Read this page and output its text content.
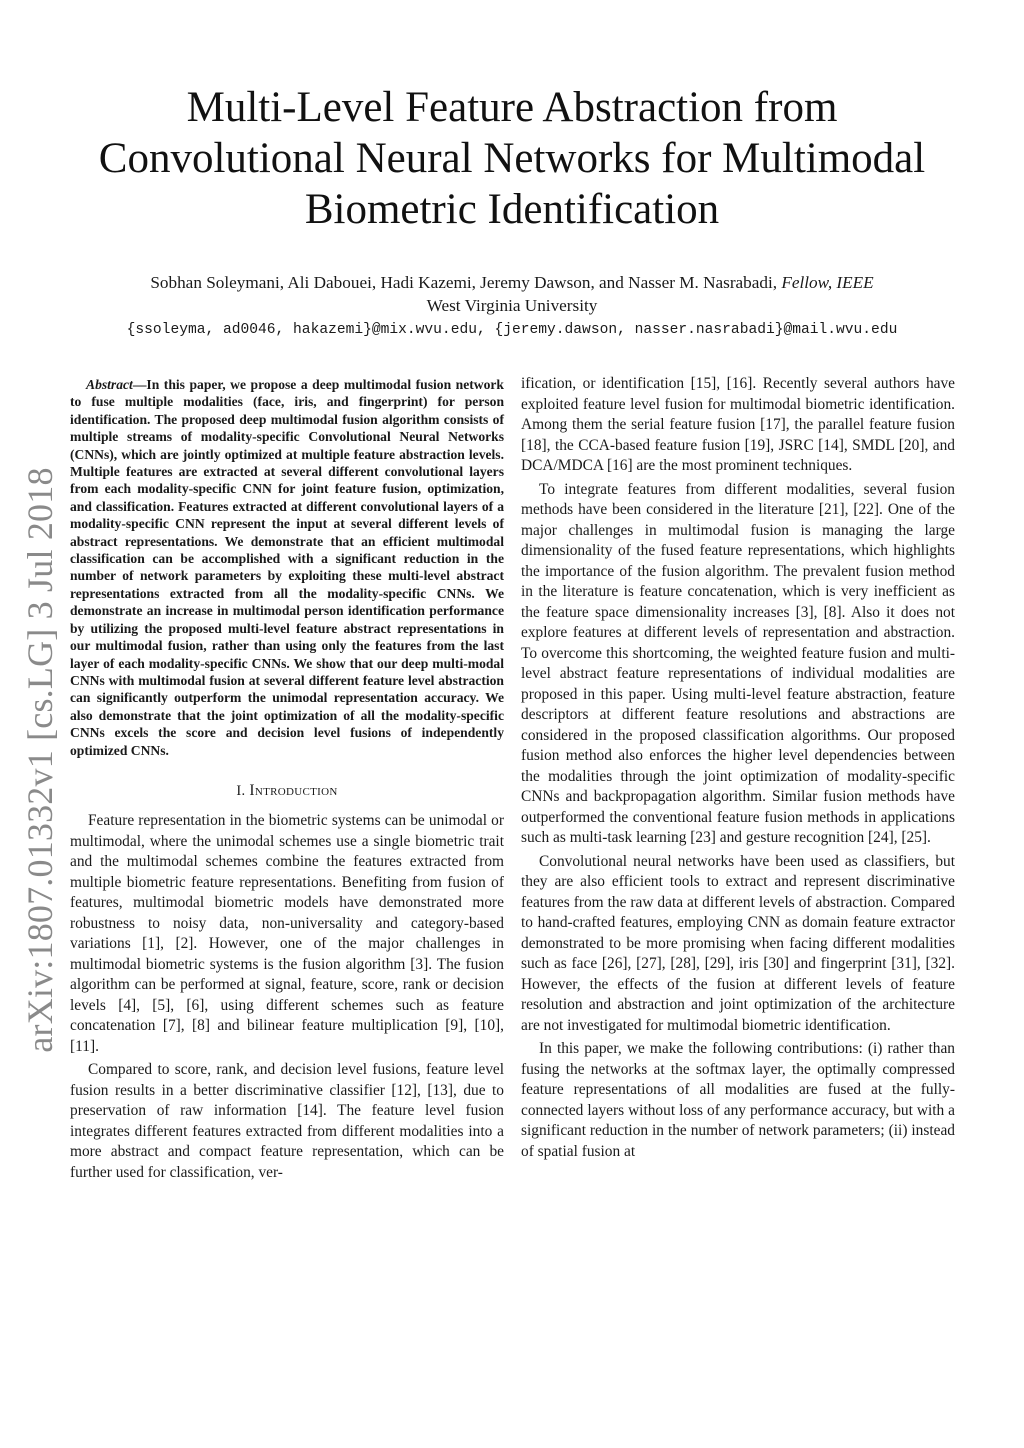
arXiv:1807.01332v1 [cs.LG] 3 Jul 2018
Multi-Level Feature Abstraction from Convolutional Neural Networks for Multimodal Biometric Identification
Sobhan Soleymani, Ali Dabouei, Hadi Kazemi, Jeremy Dawson, and Nasser M. Nasrabadi, Fellow, IEEE
West Virginia University
{ssoleyma, ad0046, hakazemi}@mix.wvu.edu, {jeremy.dawson, nasser.nasrabadi}@mail.wvu.edu

Abstract—In this paper, we propose a deep multimodal fusion network to fuse multiple modalities (face, iris, and fingerprint) for person identification. The proposed deep multimodal fusion algorithm consists of multiple streams of modality-specific Convolutional Neural Networks (CNNs), which are jointly optimized at multiple feature abstraction levels. Multiple features are extracted at several different convolutional layers from each modality-specific CNN for joint feature fusion, optimization, and classification. Features extracted at different convolutional layers of a modality-specific CNN represent the input at several different levels of abstract representations. We demonstrate that an efficient multimodal classification can be accomplished with a significant reduction in the number of network parameters by exploiting these multi-level abstract representations extracted from all the modality-specific CNNs. We demonstrate an increase in multimodal person identification performance by utilizing the proposed multi-level feature abstract representations in our multimodal fusion, rather than using only the features from the last layer of each modality-specific CNNs. We show that our deep multi-modal CNNs with multimodal fusion at several different feature level abstraction can significantly outperform the unimodal representation accuracy. We also demonstrate that the joint optimization of all the modality-specific CNNs excels the score and decision level fusions of independently optimized CNNs.

I. Introduction

Feature representation in the biometric systems can be unimodal or multimodal, where the unimodal schemes use a single biometric trait and the multimodal schemes combine the features extracted from multiple biometric feature representations. Benefiting from fusion of features, multimodal biometric models have demonstrated more robustness to noisy data, non-universality and category-based variations [1], [2]. However, one of the major challenges in multimodal biometric systems is the fusion algorithm [3]. The fusion algorithm can be performed at signal, feature, score, rank or decision levels [4], [5], [6], using different schemes such as feature concatenation [7], [8] and bilinear feature multiplication [9], [10], [11].

Compared to score, rank, and decision level fusions, feature level fusion results in a better discriminative classifier [12], [13], due to preservation of raw information [14]. The feature level fusion integrates different features extracted from different modalities into a more abstract and compact feature representation, which can be further used for classification, ver-

ification, or identification [15], [16]. Recently several authors have exploited feature level fusion for multimodal biometric identification. Among them the serial feature fusion [17], the parallel feature fusion [18], the CCA-based feature fusion [19], JSRC [14], SMDL [20], and DCA/MDCA [16] are the most prominent techniques.

To integrate features from different modalities, several fusion methods have been considered in the literature [21], [22]. One of the major challenges in multimodal fusion is managing the large dimensionality of the fused feature representations, which highlights the importance of the fusion algorithm. The prevalent fusion method in the literature is feature concatenation, which is very inefficient as the feature space dimensionality increases [3], [8]. Also it does not explore features at different levels of representation and abstraction. To overcome this shortcoming, the weighted feature fusion and multi-level abstract feature representations of individual modalities are proposed in this paper. Using multi-level feature abstraction, feature descriptors at different feature resolutions and abstractions are considered in the proposed classification algorithms. Our proposed fusion method also enforces the higher level dependencies between the modalities through the joint optimization of modality-specific CNNs and backpropagation algorithm. Similar fusion methods have outperformed the conventional feature fusion methods in applications such as multi-task learning [23] and gesture recognition [24], [25].

Convolutional neural networks have been used as classifiers, but they are also efficient tools to extract and represent discriminative features from the raw data at different levels of abstraction. Compared to hand-crafted features, employing CNN as domain feature extractor demonstrated to be more promising when facing different modalities such as face [26], [27], [28], [29], iris [30] and fingerprint [31], [32]. However, the effects of the fusion at different levels of feature resolution and abstraction and joint optimization of the architecture are not investigated for multimodal biometric identification.

In this paper, we make the following contributions: (i) rather than fusing the networks at the softmax layer, the optimally compressed feature representations of all modalities are fused at the fully-connected layers without loss of any performance accuracy, but with a significant reduction in the number of network parameters; (ii) instead of spatial fusion at
